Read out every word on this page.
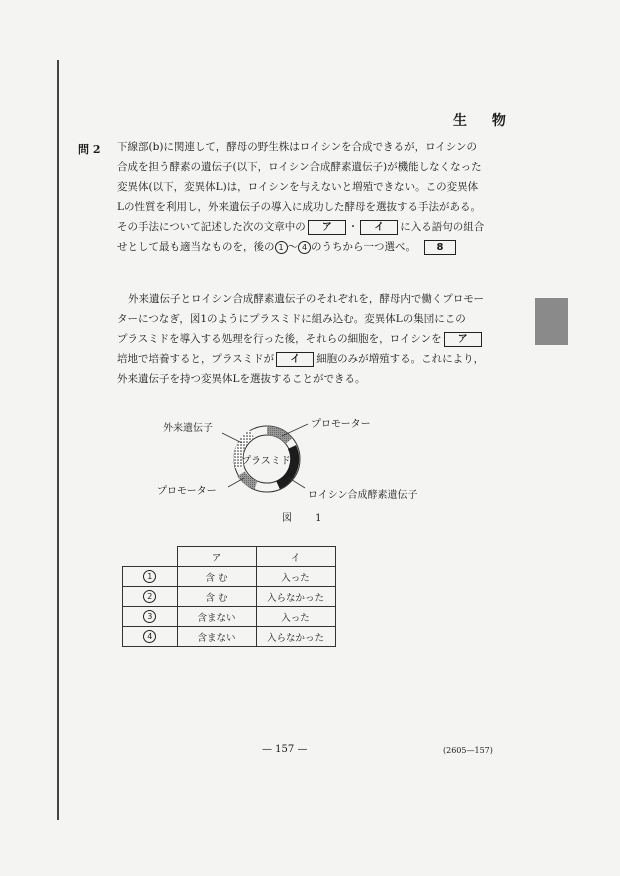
生 物
問 2 下線部(b)に関連して，酵母の野生株はロイシンを合成できるが，ロイシンの
合成を担う酵素の遺伝子(以下，ロイシン合成酵素遺伝子)が機能しなくなった
変異体(以下，変異体L)は，ロイシンを与えないと増殖できない。この変異体
Lの性質を利用し，外来遺伝子の導入に成功した酵母を選抜する手法がある。
その手法について記述した次の文章中の ア ・ イ に入る語句の組合
せとして最も適当なものを，後の 1 〜 4 のうちから一つ選べ。 8
外来遺伝子とロイシン合成酵素遺伝子のそれぞれを，酵母内で働くプロモー
ターにつなぎ，図1のようにプラスミドに組み込む。変異体Lの集団にこの
プラスミドを導入する処理を行った後，それらの細胞を，ロイシンを ア
培地で培養すると，プラスミドが イ 細胞のみが増殖する。これにより，
外来遺伝子を持つ変異体Lを選抜することができる。
プラスミド
外来遺伝子	プロモーター
プロモーター	ロイシン合成酵素遺伝子
図 1
	ア	イ
1	含 む	入った
2	含 む	入らなかった
3	含まない	入った
4	含まない	入らなかった
— 157 —	(2605—157)
